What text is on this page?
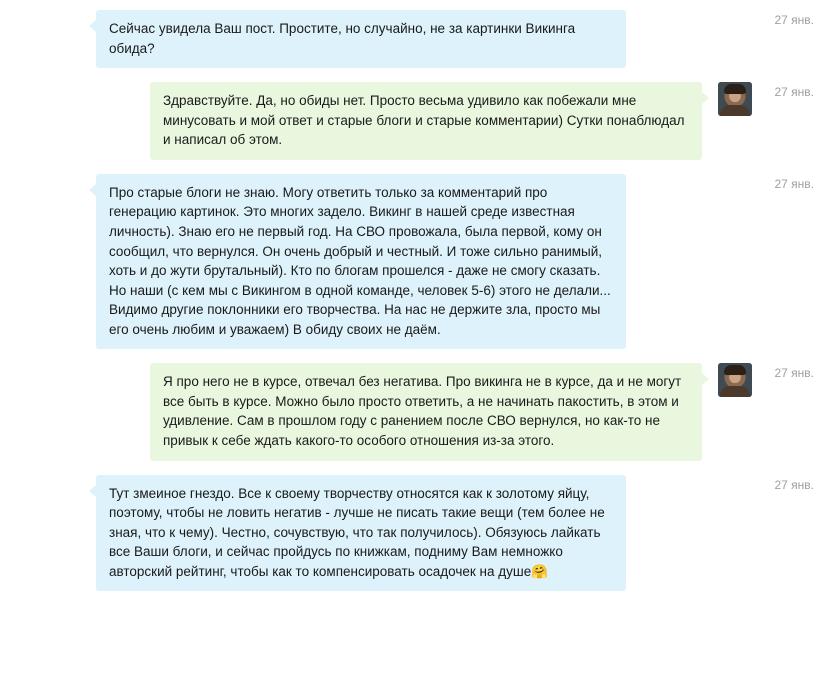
Сейчас увидела Ваш пост. Простите, но случайно, не за картинки Викинга обида?
27 янв.
Здравствуйте. Да, но обиды нет. Просто весьма удивило как побежали мне минусовать и мой ответ и старые блоги и старые комментарии) Сутки понаблюдал и написал об этом.
27 янв.
Про старые блоги не знаю. Могу ответить только за комментарий про генерацию картинок. Это многих задело. Викинг в нашей среде известная личность). Знаю его не первый год. На СВО провожала, была первой, кому он сообщил, что вернулся. Он очень добрый и честный. И тоже сильно ранимый, хоть и до жути брутальный). Кто по блогам прошелся - даже не смогу сказать. Но наши (с кем мы с Викингом в одной команде, человек 5-6) этого не делали... Видимо другие поклонники его творчества. На нас не держите зла, просто мы его очень любим и уважаем) В обиду своих не даём.
27 янв.
Я про него не в курсе, отвечал без негатива. Про викинга не в курсе, да и не могут все быть в курсе. Можно было просто ответить, а не начинать пакостить, в этом и удивление. Сам в прошлом году с ранением после СВО вернулся, но как-то не привык к себе ждать какого-то особого отношения из-за этого.
27 янв.
Тут змеиное гнездо. Все к своему творчеству относятся как к золотому яйцу, поэтому, чтобы не ловить негатив - лучше не писать такие вещи (тем более не зная, что к чему). Честно, сочувствую, что так получилось). Обязуюсь лайкать все Ваши блоги, и сейчас пройдусь по книжкам, подниму Вам немножко авторский рейтинг, чтобы как то компенсировать осадочек на душе🤗
27 янв.
